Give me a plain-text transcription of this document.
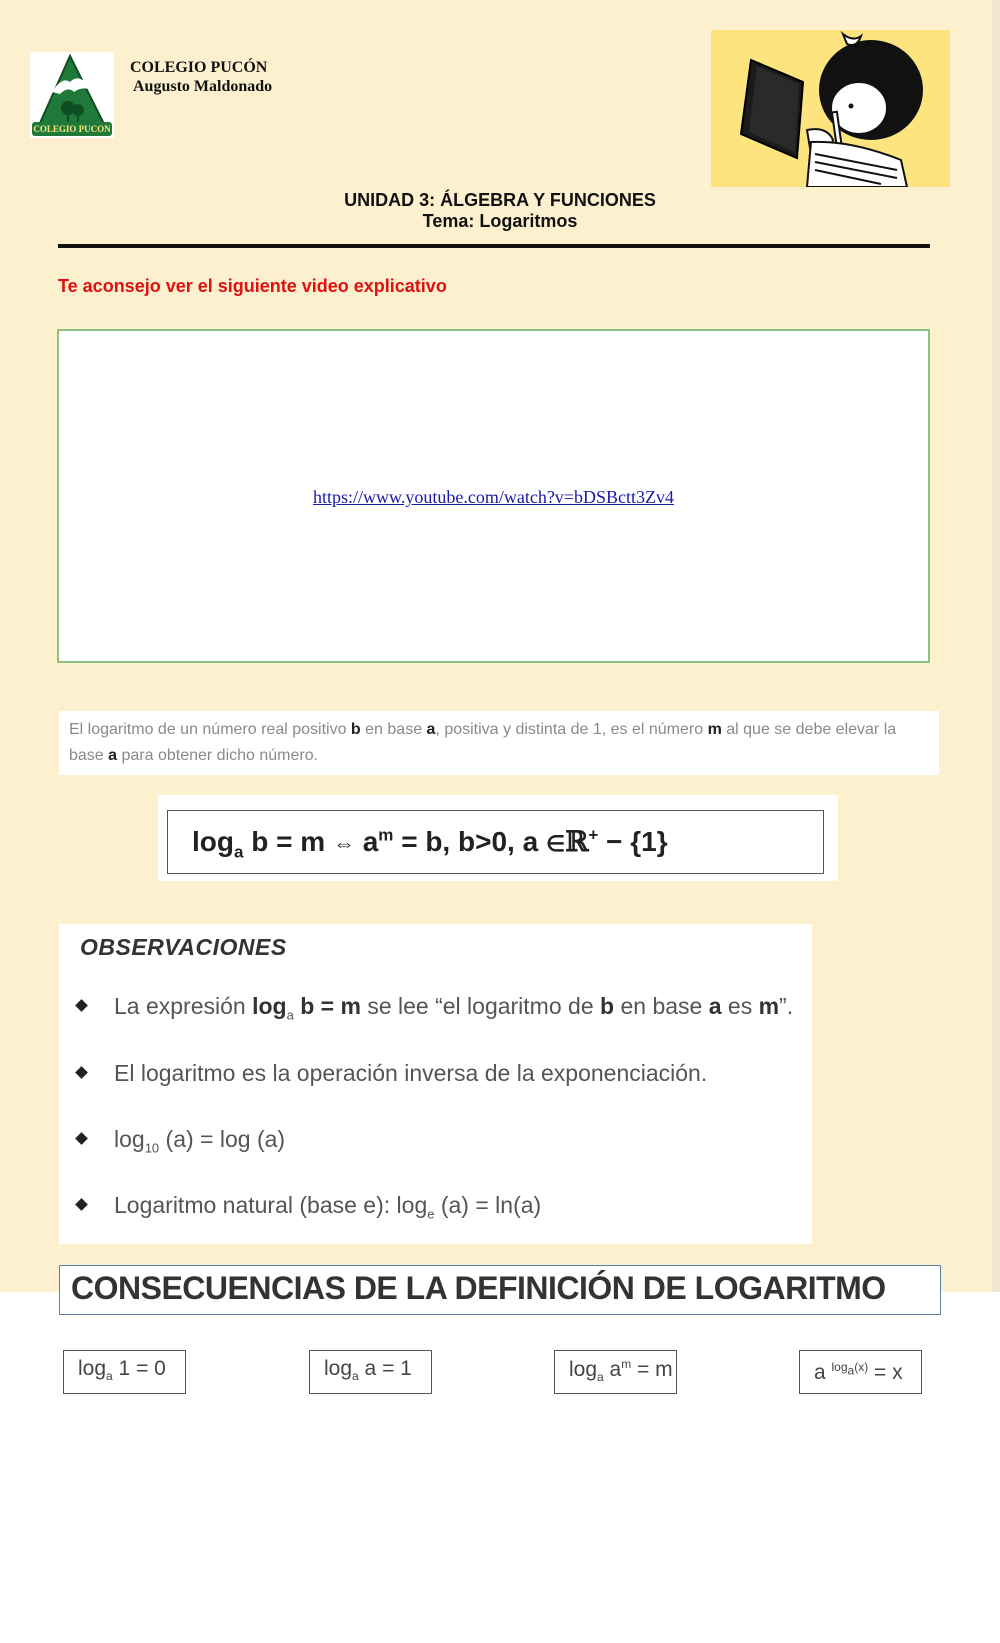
COLEGIO PUCON
COLEGIO PUCÓN
Augusto Maldonado
UNIDAD 3: ÁLGEBRA Y FUNCIONES
Tema: Logaritmos
Te aconsejo ver el siguiente video explicativo
https://www.youtube.com/watch?v=bDSBctt3Zv4
El logaritmo de un número real positivo b en base a, positiva y distinta de 1, es el número m al que se debe elevar la base a para obtener dicho número.
$\log_a b = m$ ⇔ $a^m = b$, b>0, a ∈ℝ+ − {1}
OBSERVACIONES
La expresión $\log_a b = m$ se lee “el logaritmo de b en base a es m”.
El logaritmo es la operación inversa de la exponenciación.
$\log_{10} (a) = \log (a)$
Logaritmo natural (base e): $\log_e (a) = \ln(a)$
CONSECUENCIAS DE LA DEFINICIÓN DE LOGARITMO
$\log_a 1 = 0$	$\log_a a = 1$	$\log_a a^m = m$	a $^{log_a(x)}$ = x
